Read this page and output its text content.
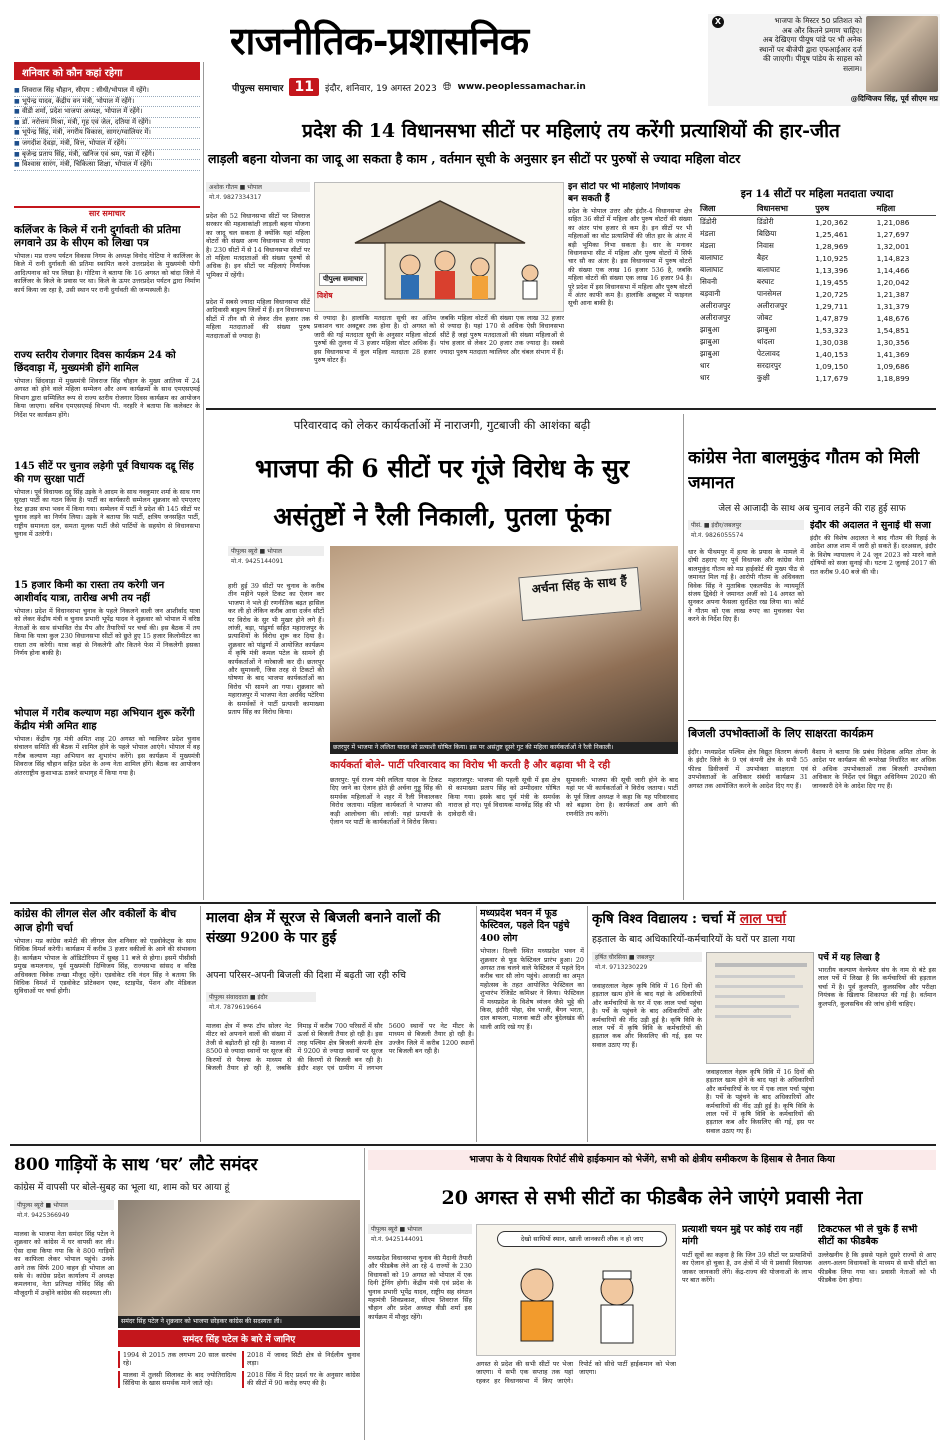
राजनीतिक-प्रशासनिक
पीपुल्स समाचार 11	इंदौर, शनिवार, 19 अगस्त 2023 🌐︎ www.peoplessamachar.in
X	भाजपा के मिस्टर 50 प्रतिशत को
अब और कितने प्रमाण चाहिए।
अब देखिएगा पीयूष पांडे पर भी अनेक
स्थानों पर बीजेपी द्वारा एफआईआर दर्ज
की जाएगी। पीयूष पांडेय के साहस को
सलाम।
@दिग्विजय सिंह, पूर्व सीएम मप्र
शनिवार को कौन कहां रहेगा
■ शिवराज सिंह चौहान, सीएम : सीधी/भोपाल में रहेंगे।
■ भूपेन्द्र यादव, केंद्रीय वन मंत्री, भोपाल में रहेंगे।
■ वीडी शर्मा, प्रदेश भाजपा अध्यक्ष, भोपाल में रहेंगे।
■ डॉ. नरोत्तम मिश्रा, मंत्री, गृह एवं जेल, दतिया में रहेंगे।
■ भूपेन्द्र सिंह, मंत्री, नगरीय विकास, सागर/ग्वालियर में।
■ जगदीश देवड़ा, मंत्री, वित्त, भोपाल में रहेंगे।
■ बृजेन्द्र प्रताप सिंह, मंत्री, खनिज एवं श्रम, पन्ना में रहेंगे।
■ विश्वास सारंग, मंत्री, चिकित्सा शिक्षा, भोपाल में रहेंगे।
सार समाचार
कलिंजर के किले में रानी दुर्गावती की प्रतिमा लगवाने उप्र के सीएम को लिखा पत्र
भोपाल। मप्र राज्य पर्यटन विकास निगम के अध्यक्ष विनोद गोटिया ने कालिंजर के किले में रानी दुर्गावती की प्रतिमा स्थापित करने उत्तरप्रदेश के मुख्यमंत्री योगी आदित्यनाथ को पत्र लिखा है। गोटिया ने बताया कि 16 अगस्त को बांदा जिले में कालिंजर के किले के प्रवास पर था। किले के ऊपर उत्तरप्रदेश पर्यटन द्वारा निर्माण कार्य किया जा रहा है, उसी स्थान पर रानी दुर्गावती की जन्मस्थली है।
राज्य स्तरीय रोजगार दिवस कार्यक्रम 24 को छिंदवाड़ा में, मुख्यमंत्री होंगे शामिल
भोपाल। छिंदवाड़ा में मुख्यमंत्री शिवराज सिंह चौहान के मुख्य आतिथ्य में 24 अगस्त को होने वाले महिला सम्मेलन और अन्य कार्यक्रमों के साथ एमएसएमई विभाग द्वारा सम्मिलित रूप से राज्य स्तरीय रोजगार दिवस कार्यक्रम का आयोजन किया जाएगा। सचिव एमएसएमई विभाग पी. नरहरि ने बताया कि कलेक्टर के निर्देश पर कार्यक्रम होंगे।
145 सीटें पर चुनाव लड़ेगी पूर्व विधायक दद्दू सिंह की गण सुरक्षा पार्टी
भोपाल। पूर्व विधायक दद्दू सिंह उइके ने आदम के साथ नवकुमार शर्मा के साथ गण सुरक्षा पार्टी का गठन किया है। पार्टी का कार्यकारी सम्मेलन शुक्रवार को एमएलए रेस्ट हाउस सभा भवन में किया गया। सम्मेलन में पार्टी ने प्रदेश की 145 सीटों पर चुनाव लड़ने का निर्णय लिया। उइके ने बताया कि पार्टी, क्षत्रिय जनसहित पार्टी, राष्ट्रीय समानता दल, समता मूलक पार्टी जैसे पार्टियों के सहयोग से विधानसभा चुनाव में उतरेगी।
15 हजार किमी का रास्ता तय करेगी जन आशीर्वाद यात्रा, तारीख अभी तय नहीं
भोपाल। प्रदेश में विधानसभा चुनाव के पहले निकलने वाली जन आशीर्वाद यात्रा को लेकर केंद्रीय मंत्री व चुनाव प्रभारी भूपेंद्र यादव ने शुक्रवार को भोपाल में वरिष्ठ नेताओं के साथ संभावित रोड मैप और तैयारियों पर चर्चा की। इस बैठक में तय किया कि यात्रा कुल 230 विधानसभा सीटों को छुते हुए 15 हजार किलोमीटर का रास्ता तय करेगी। यात्रा कहां से निकलेगी और कितने फेस में निकलेगी इसका निर्णय होना बाकी है।
भोपाल में गरीब कल्याण महा अभियान शुरू करेंगी केंद्रीय मंत्री अमित शाह
भोपाल। केंद्रीय गृह मंत्री अमित शाह 20 अगस्त को ग्वालियर प्रदेश चुनाव संचालन समिति की बैठक में शामिल होने के पहले भोपाल आएंगे। भोपाल में वह गरीब कल्याण महा अभियान का शुभारंभ करेंगे। इस कार्यक्रम में मुख्यमंत्री शिवराज सिंह चौहान सहित प्रदेश के अन्य नेता शामिल होंगे। बैठक का आयोजन अंतरराष्ट्रीय कुशाभाऊ ठाकरे सभागृह में किया गया है।
प्रदेश की 14 विधानसभा सीटों पर महिलाएं तय करेंगी प्रत्याशियों की हार-जीत
लाड़ली बहना योजना का जादू आ सकता है काम , वर्तमान सूची के अनुसार इन सीटों पर पुरुषों से ज्यादा महिला वोटर
अशोक गौतम ■ भोपाल
मो.नं. 9827334317
प्रदेश की 52 विधानसभा सीटों पर शिवराज सरकार की महत्वाकांक्षी लाड़ली बहना योजना का जादू चल सकता है क्योंकि यहां महिला वोटरों की संख्या अन्य विधानसभा से ज्यादा है। 230 सीटों में से 14 विधानसभा सीटों पर तो महिला मतदाताओं की संख्या पुरुषों से अधिक है। इन सीटों पर महिलाएं निर्णायक भूमिका में रहेंगी।
प्रदेश में सबसे ज्यादा महिला विधानसभा सीटें आदिवासी बाहुल्य जिलों में हैं। इन विधानसभा सीटों में तीन सौ से लेकर तीन हजार तक महिला मतदाताओं की संख्या पुरुष मतदाताओं से ज्यादा है।
पीपुल्स समाचार
विशेष
से ज्यादा है। हालांकि मतदाता सूची का अंतिम प्रकाशन चार अक्टूबर तक होना है। दो अगस्त को जारी की गई मतदाता सूची के अनुसार महिला वोटर्स पुरुषों की तुलना में 3 हजार महिला वोटर अधिक हैं। इस विधानसभा में कुल महिला मतदाता 28 हजार पुरुष वोटर हैं।
जबकि महिला वोटरों की संख्या एक लाख 32 हजार से ज्यादा है। यहां 170 से अधिक ऐसी विधानसभा सीटें हैं जहां पुरुष मतदाताओं की संख्या महिलाओं से पांच हजार से लेकर 20 हजार तक ज्यादा है। सबसे ज्यादा पुरुष मतदाता ग्वालियर और चंबल संभाग में हैं।
इन सीटों पर भी महिलाएं निर्णायक बन सकती हैं
प्रदेश के भोपाल उत्तर और इंदौर-4 विधानसभा क्षेत्र सहित 36 सीटों में महिला और पुरुष वोटरों की संख्या का अंतर पांच हजार से कम है। इन सीटों पर भी महिलाओं का वोट प्रत्याशियों की जीत हार के अंतर में बड़ी भूमिका निभा सकता है। धार के मनावर विधानसभा सीट में महिला और पुरुष वोटरों में सिर्फ चार सौ का अंतर है। इस विधानसभा में पुरुष वोटरों की संख्या एक लाख 16 हजार 536 है, जबकि महिला वोटरों की संख्या एक लाख 16 हजार 94 है। पूरे प्रदेश में इस विधानसभा में महिला और पुरुष वोटरों में अंतर काफी कम है। हालांकि अक्टूबर में फाइनल सूची आना बाकी है।
इन 14 सीटों पर महिला मतदाता ज्यादा
जिला	विधानसभा	पुरुष	महिला
डिंडोरी	डिंडोरी	1,20,362	1,21,086
मंडला	बिछिया	1,25,461	1,27,697
मंडला	निवास	1,28,969	1,32,001
बालाघाट	बैहर	1,10,925	1,14,823
बालाघाट	बालाघाट	1,13,396	1,14,466
सिवनी	बरघाट	1,19,455	1,20,042
बड़वानी	पानसेमल	1,20,725	1,21,387
अलीराजपुर	अलीराजपुर	1,29,711	1,31,379
अलीराजपुर	जोबट	1,47,879	1,48,676
झाबुआ	झाबुआ	1,53,323	1,54,851
झाबुआ	थांदला	1,30,038	1,30,356
झाबुआ	पेटलावद	1,40,153	1,41,369
धार	सरदारपुर	1,09,150	1,09,686
धार	कुक्षी	1,17,679	1,18,899
परिवारवाद को लेकर कार्यकर्ताओं में नाराजगी, गुटबाजी की आशंका बढ़ी
भाजपा की 6 सीटों पर गूंजे विरोध के सुर
असंतुष्टों ने रैली निकाली, पुतला फूंका
पीपुल्स ब्यूरो ■ भोपाल
मो.नं. 9425144091
हारी हुई 39 सीटों पर चुनाव के करीब तीन महीने पहले टिकट का ऐलान कर भाजपा ने भले ही रणनीतिक बढ़त हासिल कर ली हो लेकिन करीब आधा दर्जन सीटों पर विरोध के सुर भी मुखर होने लगे हैं। लांजी, बड़ा, पांढुर्णा सहित महाराजपुर के प्रत्याशियों के विरोध शुरू कर दिया है। शुक्रवार को पांढुर्णा में आयोजित कार्यक्रम में कृषि मंत्री कमल पटेल के सामने ही कार्यकर्ताओं ने नारेबाजी कर दी। छतरपुर और सुमावली, जिस तरह से टिकटों की घोषणा के बाद भाजपा कार्यकर्ताओं का विरोध भी सामने आ गया। शुक्रवार को महाराजपुर में भाजपा नेता अरविंद पटेरिया के समर्थकों ने पार्टी प्रत्याशी कामाख्या प्रताप सिंह का विरोध किया।
अर्चना सिंह के साथ हैं
छतरपुर में भाजपा ने ललिता यादव को प्रत्याशी घोषित किया। इस पर असंतुष्ट दूसरे गुट की महिला कार्यकर्ताओं ने रैली निकाली।
कार्यकर्ता बोले- पार्टी परिवारवाद का विरोध भी करती है और बढ़ावा भी दे रही
छतरपुर: पूर्व राज्य मंत्री ललिता यादव के टिकट दिए जाने का ऐलान होते ही अर्चना गुड्डू सिंह की समर्थक महिलाओं ने शहर में रैली निकालकर विरोध जताया। महिला कार्यकर्ता ने भाजपा की कड़ी आलोचना की। लांजी: यहां प्रत्याशी के ऐलान पर पार्टी के कार्यकर्ताओं ने विरोध किया।
महाराजपुर: भाजपा की पहली सूची में इस क्षेत्र से कामाख्या प्रताप सिंह को उम्मीदवार घोषित किया गया। इसके बाद पूर्व मंत्री के समर्थक नाराज हो गए। पूर्व विधायक मानवेंद्र सिंह की भी दावेदारी थी।
सुमावली: भाजपा की सूची जारी होने के बाद यहां पर भी कार्यकर्ताओं ने विरोध जताया। पार्टी के पूर्व जिला अध्यक्ष ने कहा कि यह परिवारवाद को बढ़ावा देना है। कार्यकर्ता अब आगे की रणनीति तय करेंगे।
कांग्रेस नेता बालमुकुंद गौतम को मिली जमानत
जेल से आजादी के साथ अब चुनाव लड़ने की राह हुई साफ
पीसं. ■ इंदौर/जबलपुर
मो.नं. 9826055574
धार के पीथमपुर में हत्या के प्रयास के मामले में दोषी ठहराए गए पूर्व विधायक और कांग्रेस नेता बालमुकुंद गौतम को मप्र हाईकोर्ट की मुख्य पीठ से जमानत मिल गई है। आरोपी गौतम के अधिवक्ता विवेक सिंह ने मुताबिक एकलपीठ के न्यायमूर्ति संजय द्विवेदी ने जमानत अर्जी को 14 अगस्त को सुनकर अपना फैसला सुरक्षित रख लिया था। कोर्ट ने गौतम को एक लाख रुपए का मुचलका पेश करने के निर्देश दिए हैं।
इंदौर की अदालत ने सुनाई थी सजा
इंदौर की विशेष अदालत ने बाद गौतम की रिहाई के आदेश आज शाम में जारी हो सकते हैं। दरअसल, इंदौर के विशेष न्यायालय ने 24 जून 2023 को मारने वाले दोषियों को सजा सुनाई थी। घटना 2 जुलाई 2017 की रात करीब 9.40 बजे की थी।
बिजली उपभोक्ताओं के लिए साक्षरता कार्यक्रम
इंदौर। मध्यप्रदेश पश्चिम क्षेत्र विद्युत वितरण कंपनी के इंदौर जिले के 9 एवं कंपनी क्षेत्र के सभी 55 फील्ड डिवीजनों में उपभोक्ता साक्षरता एवं उपभोक्ताओं के अधिकार संबंधी कार्यक्रम 31 अगस्त तक आयोजित करने के आदेश दिए गए हैं।
वैशाय ने बताया कि प्रबंध निदेशक अमित तोमर के आदेश पर कार्यक्रम की रूपरेखा निर्धारित कर अधिक से अधिक उपभोक्ताओं तक बिजली उपभोक्ता अधिकार के निर्देश एवं विद्युत अधिनियम 2020 की जानकारी देने के आदेश दिए गए हैं।
कांग्रेस की लीगल सेल और वकीलों के बीच आज होगी चर्चा
भोपाल। मप्र कांग्रेस कमेटी की लीगल सेल शनिवार को एडवोकेट्स के साथ विधिक विमर्श करेगी। कार्यक्रम में करीब 3 हजार वकीलों के आने की संभावना है। कार्यक्रम भोपाल के ऑडिटोरियम में सुबह 11 बजे से होगा। इसमें पीसीसी प्रमुख कमलनाथ, पूर्व मुख्यमंत्री दिग्विजय सिंह, राज्यसभा सांसद व वरिष्ठ अधिवक्ता विवेक तन्खा मौजूद रहेंगे। एडवोकेट रवि नंदन सिंह ने बताया कि विधिक विमर्श में एडवोकेट प्रोटेक्शन एक्ट, स्टाइपेंड, पेंशन और मेडिकल सुविधाओं पर चर्चा होगी।
मालवा क्षेत्र में सूरज से बिजली बनाने वालों की संख्या 9200 के पार हुई
अपना परिसर-अपनी बिजली की दिशा में बढ़ती जा रही रुचि
पीपुल्स संवाददाता ■ इंदौर
मो.नं. 7879619664
मालवा क्षेत्र में रूफ टॉप सोलर नेट मीटर को अपनाने वालों की संख्या में तेजी से बढ़ोतरी हो रही है। मालवा में 8500 से ज्यादा स्थानों पर सूरज की किरणों से पैनल्स के माध्यम से बिजली तैयार हो रही है, जबकि निमाड़ में करीब 700 परिसरों में सौर ऊर्जा से बिजली तैयार हो रही है। इस तरह पश्चिम क्षेत्र बिजली कंपनी क्षेत्र में 9200 से ज्यादा स्थानों पर सूरज की किरणों से बिजली बन रही है। इंदौर शहर एवं ग्रामीण में लगभग 5600 स्थानों पर नेट मीटर के माध्यम से बिजली तैयार हो रही है। उज्जैन जिले में करीब 1200 स्थानों पर बिजली बन रही है।
मध्यप्रदेश भवन में फूड फेस्टिवल, पहले दिन पहुंचे 400 लोग
भोपाल। दिल्ली स्थित मध्यप्रदेश भवन में शुक्रवार से फूड फेस्टिवल प्रारंभ हुआ। 20 अगस्त तक चलने वाले फेस्टिवल में पहले दिन करीब चार सौ लोग पहुंचे। आजादी का अमृत महोत्सव के तहत आयोजित फेस्टिवल का शुभारंभ रेजिडेंट कमिश्नर ने किया। फेस्टिवल में मध्यप्रदेश के विशेष व्यंजन जैसे भुट्टे की किस, इंदौरी पोहा, सेव भाजी, बैंगन भरता, दाल बाफला, मालवा बाटी और बुंदेलखंड की थाली आदि रखे गए हैं।
कृषि विश्व विद्यालय : चर्चा में लाल पर्चा
हड़ताल के बाद अधिकारियों-कर्मचारियों के घरों पर डाला गया
हर्षित चौरसिया ■ जबलपुर
मो.नं. 9713230229
जवाहरलाल नेहरू कृषि विवि में 16 दिनों की हड़ताल खत्म होने के बाद यहां के अधिकारियों और कर्मचारियों के घर में एक लाल पर्चा पहुंचा है। पर्चे के पहुंचने के बाद अधिकारियों और कर्मचारियों की नींद उड़ी हुई है। कृषि विवि के लाल पर्चे में कृषि विवि के कर्मचारियों की हड़ताल कब और किसलिए की गई, इस पर सवाल उठाए गए हैं।
जवाहरलाल नेहरू कृषि विवि में 16 दिनों की हड़ताल खत्म होने के बाद यहां के अधिकारियों और कर्मचारियों के घर में एक लाल पर्चा पहुंचा है। पर्चे के पहुंचने के बाद अधिकारियों और कर्मचारियों की नींद उड़ी हुई है। कृषि विवि के लाल पर्चे में कृषि विवि के कर्मचारियों की हड़ताल कब और किसलिए की गई, इस पर सवाल उठाए गए हैं।
पर्चे में यह लिखा है
भारतीय कल्याण वेलफेयर संघ के नाम से बंटे इस लाल पर्चे में लिखा है कि कर्मचारियों की हड़ताल चर्चा में है। पूर्व कुलपति, कुलसचिव और परीक्षा नियंत्रक के खिलाफ शिकायत की गई है। वर्तमान कुलपति, कुलसचिव की जांच होनी चाहिए।
800 गाड़ियों के साथ ‘घर’ लौटे समंदर
कांग्रेस में वापसी पर बोले-सुबह का भूला था, शाम को घर आया हूं
पीपुल्स ब्यूरो ■ भोपाल
मो.नं. 9425366949
मालवा के भाजपा नेता समंदर सिंह पटेल ने शुक्रवार को कांग्रेस में घर वापसी कर ली। ऐसा दावा किया गया कि वे 800 गाड़ियों का काफिला लेकर भोपाल पहुंचे। उनके आने तक सिर्फ 200 वाहन ही भोपाल आ सके थे। कांग्रेस प्रदेश कार्यालय में अध्यक्ष कमलनाथ, नेता प्रतिपक्ष गोविंद सिंह की मौजूदगी में उन्होंने कांग्रेस की सदस्यता ली।
समंदर सिंह पटेल ने शुक्रवार को भाजपा छोड़कर कांग्रेस की सदस्यता ली।
समंदर सिंह पटेल के बारे में जानिए
1994 से 2015 तक लगभग 20 साल सरपंच रहे।
मालवा में तुलसी सिलावट के बाद ज्योतिरादित्य सिंधिया के खास समर्थक माने जाते रहे।
2018 में जावद सिटी क्षेत्र से निर्दलीय चुनाव लड़ा।
2018 सिंध में दिए प्रदर्श घर के अनुसार कांग्रेस की सीटों में 90 करोड़ रुपए की है।
भाजपा के ये विधायक रिपोर्ट सीधे हाईकमान को भेजेंगे, सभी को क्षेत्रीय समीकरण के हिसाब से तैनात किया
20 अगस्त से सभी सीटों का फीडबैक लेने जाएंगे प्रवासी नेता
पीपुल्स ब्यूरो ■ भोपाल
मो.नं. 9425144091
मध्यप्रदेश विधानसभा चुनाव की मैदानी तैयारी और फीडबैक लेने आ रहे 4 राज्यों के 230 विधायकों को 19 अगस्त को भोपाल में एक दिनी ट्रेनिंग होगी। केंद्रीय मंत्री एवं प्रदेश के चुनाव प्रभारी भूपेंद्र यादव, राष्ट्रीय सह संगठन महामंत्री शिवप्रकाश, सीएम शिवराज सिंह चौहान और प्रदेश अध्यक्ष वीडी शर्मा इस कार्यक्रम में मौजूद रहेंगे।
देखो साथियों स्थान, खाली जानकारी लीक न हो जाए
अगस्त से प्रदेश की सभी सीटों पर भेजा जाएगा। ये सभी एक सप्ताह तक यहां रहकर हर विधानसभा में किए जाएंगे। रिपोर्ट को सीधे पार्टी हाईकमान को भेजा जाएगा।
प्रत्याशी चयन मुद्दे पर कोई राय नहीं मांगी
पार्टी सूत्रों का कहना है कि जिन 39 सीटों पर प्रत्याशियों का ऐलान हो चुका है, उन क्षेत्रों में भी ये प्रवासी विधायक जाकर जानकारी लेंगे। केंद्र-राज्य की योजनाओं के लाभ पर बात करेंगे।
टिकटफल भी ले चुके हैं सभी सीटों का फीडबैक
उल्लेखनीय है कि इससे पहले दूसरे राज्यों से आए अलग-अलग विधायकों के माध्यम से सभी सीटों का फीडबैक लिया गया था। प्रवासी नेताओं को भी फीडबैक देना होगा।
